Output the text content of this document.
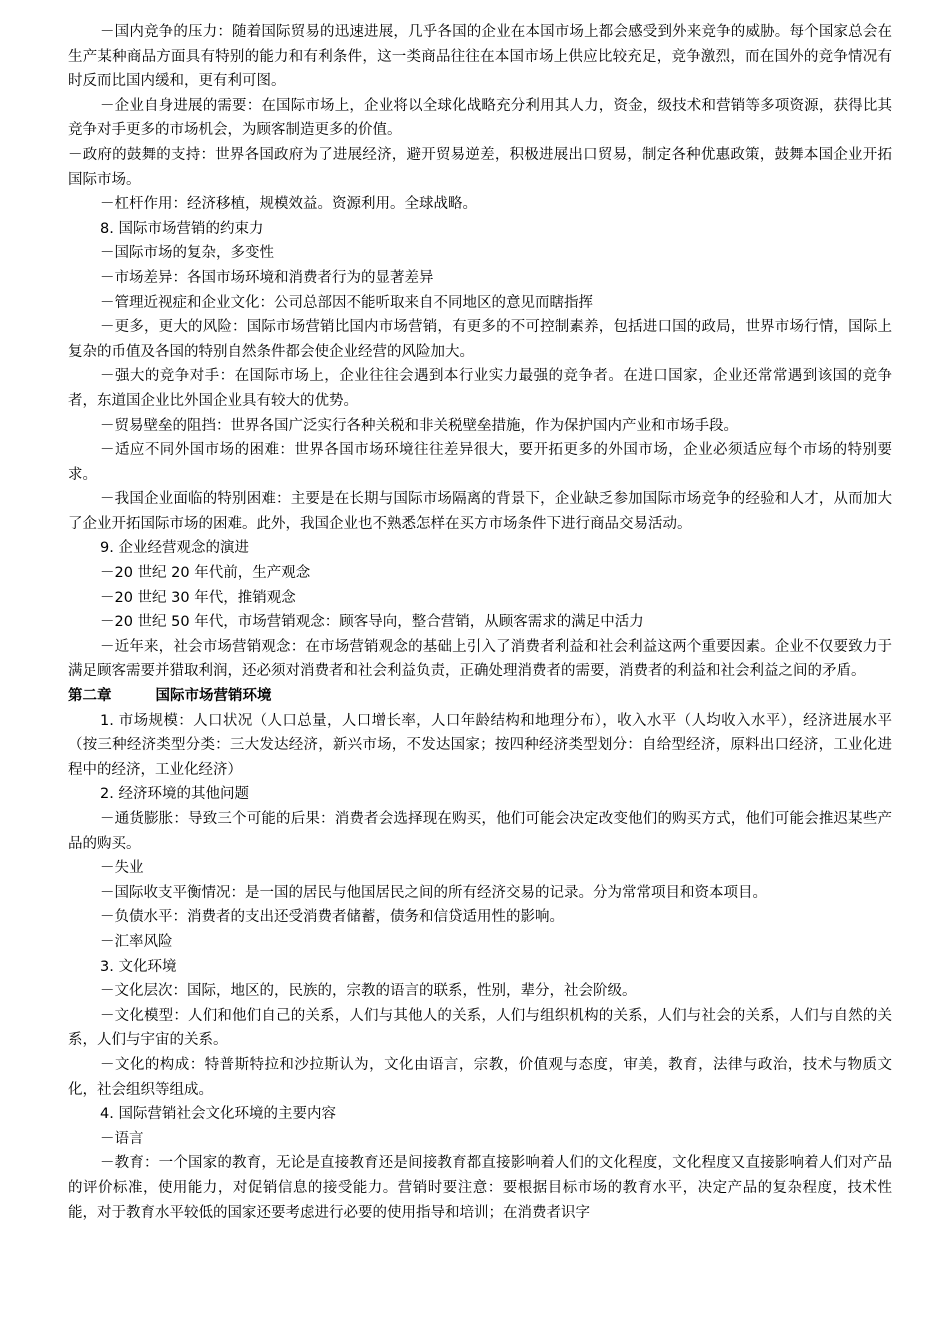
－国内竞争的压力：随着国际贸易的迅速进展，几乎各国的企业在本国市场上都会感受到外来竞争的威胁。每个国家总会在生产某种商品方面具有特别的能力和有利条件，这一类商品往往在本国市场上供应比较充足，竞争激烈，而在国外的竞争情况有时反而比国内缓和，更有利可图。

－企业自身进展的需要：在国际市场上，企业将以全球化战略充分利用其人力，资金，级技术和营销等多项资源，获得比其竞争对手更多的市场机会，为顾客制造更多的价值。

－政府的鼓舞的支持：世界各国政府为了进展经济，避开贸易逆差，积极进展出口贸易，制定各种优惠政策，鼓舞本国企业开拓国际市场。

－杠杆作用：经济移植，规模效益。资源利用。全球战略。

8. 国际市场营销的约束力

－国际市场的复杂，多变性

－市场差异：各国市场环境和消费者行为的显著差异

－管理近视症和企业文化：公司总部因不能听取来自不同地区的意见而瞎指挥

－更多，更大的风险：国际市场营销比国内市场营销，有更多的不可控制素养，包括进口国的政局，世界市场行情，国际上复杂的币值及各国的特别自然条件都会使企业经营的风险加大。

－强大的竞争对手：在国际市场上，企业往往会遇到本行业实力最强的竞争者。在进口国家，企业还常常遇到该国的竞争者，东道国企业比外国企业具有较大的优势。

－贸易壁垒的阻挡：世界各国广泛实行各种关税和非关税壁垒措施，作为保护国内产业和市场手段。

－适应不同外国市场的困难：世界各国市场环境往往差异很大，要开拓更多的外国市场，企业必须适应每个市场的特别要求。

－我国企业面临的特别困难：主要是在长期与国际市场隔离的背景下，企业缺乏参加国际市场竞争的经验和人才，从而加大了企业开拓国际市场的困难。此外，我国企业也不熟悉怎样在买方市场条件下进行商品交易活动。

9. 企业经营观念的演进

－20 世纪 20 年代前，生产观念

－20 世纪 30 年代，推销观念

－20 世纪 50 年代，市场营销观念：顾客导向，整合营销，从顾客需求的满足中活力

－近年来，社会市场营销观念：在市场营销观念的基础上引入了消费者利益和社会利益这两个重要因素。企业不仅要致力于满足顾客需要并猎取利润，还必须对消费者和社会利益负责，正确处理消费者的需要，消费者的利益和社会利益之间的矛盾。

第二章	国际市场营销环境

1. 市场规模：人口状况（人口总量，人口增长率，人口年龄结构和地理分布），收入水平（人均收入水平），经济进展水平（按三种经济类型分类：三大发达经济，新兴市场，不发达国家；按四种经济类型划分：自给型经济，原料出口经济，工业化进程中的经济，工业化经济）

2. 经济环境的其他问题

－通货膨胀：导致三个可能的后果：消费者会选择现在购买，他们可能会决定改变他们的购买方式，他们可能会推迟某些产品的购买。

－失业

－国际收支平衡情况：是一国的居民与他国居民之间的所有经济交易的记录。分为常常项目和资本项目。

－负债水平：消费者的支出还受消费者储蓄，债务和信贷适用性的影响。

－汇率风险

3. 文化环境

－文化层次：国际，地区的，民族的，宗教的语言的联系，性别，辈分，社会阶级。

－文化模型：人们和他们自己的关系，人们与其他人的关系，人们与组织机构的关系，人们与社会的关系，人们与自然的关系，人们与宇宙的关系。

－文化的构成：特普斯特拉和沙拉斯认为，文化由语言，宗教，价值观与态度，审美，教育，法律与政治，技术与物质文化，社会组织等组成。

4. 国际营销社会文化环境的主要内容

－语言

－教育：一个国家的教育，无论是直接教育还是间接教育都直接影响着人们的文化程度，文化程度又直接影响着人们对产品的评价标准，使用能力，对促销信息的接受能力。营销时要注意：要根据目标市场的教育水平，决定产品的复杂程度，技术性能，对于教育水平较低的国家还要考虑进行必要的使用指导和培训；在消费者识字
